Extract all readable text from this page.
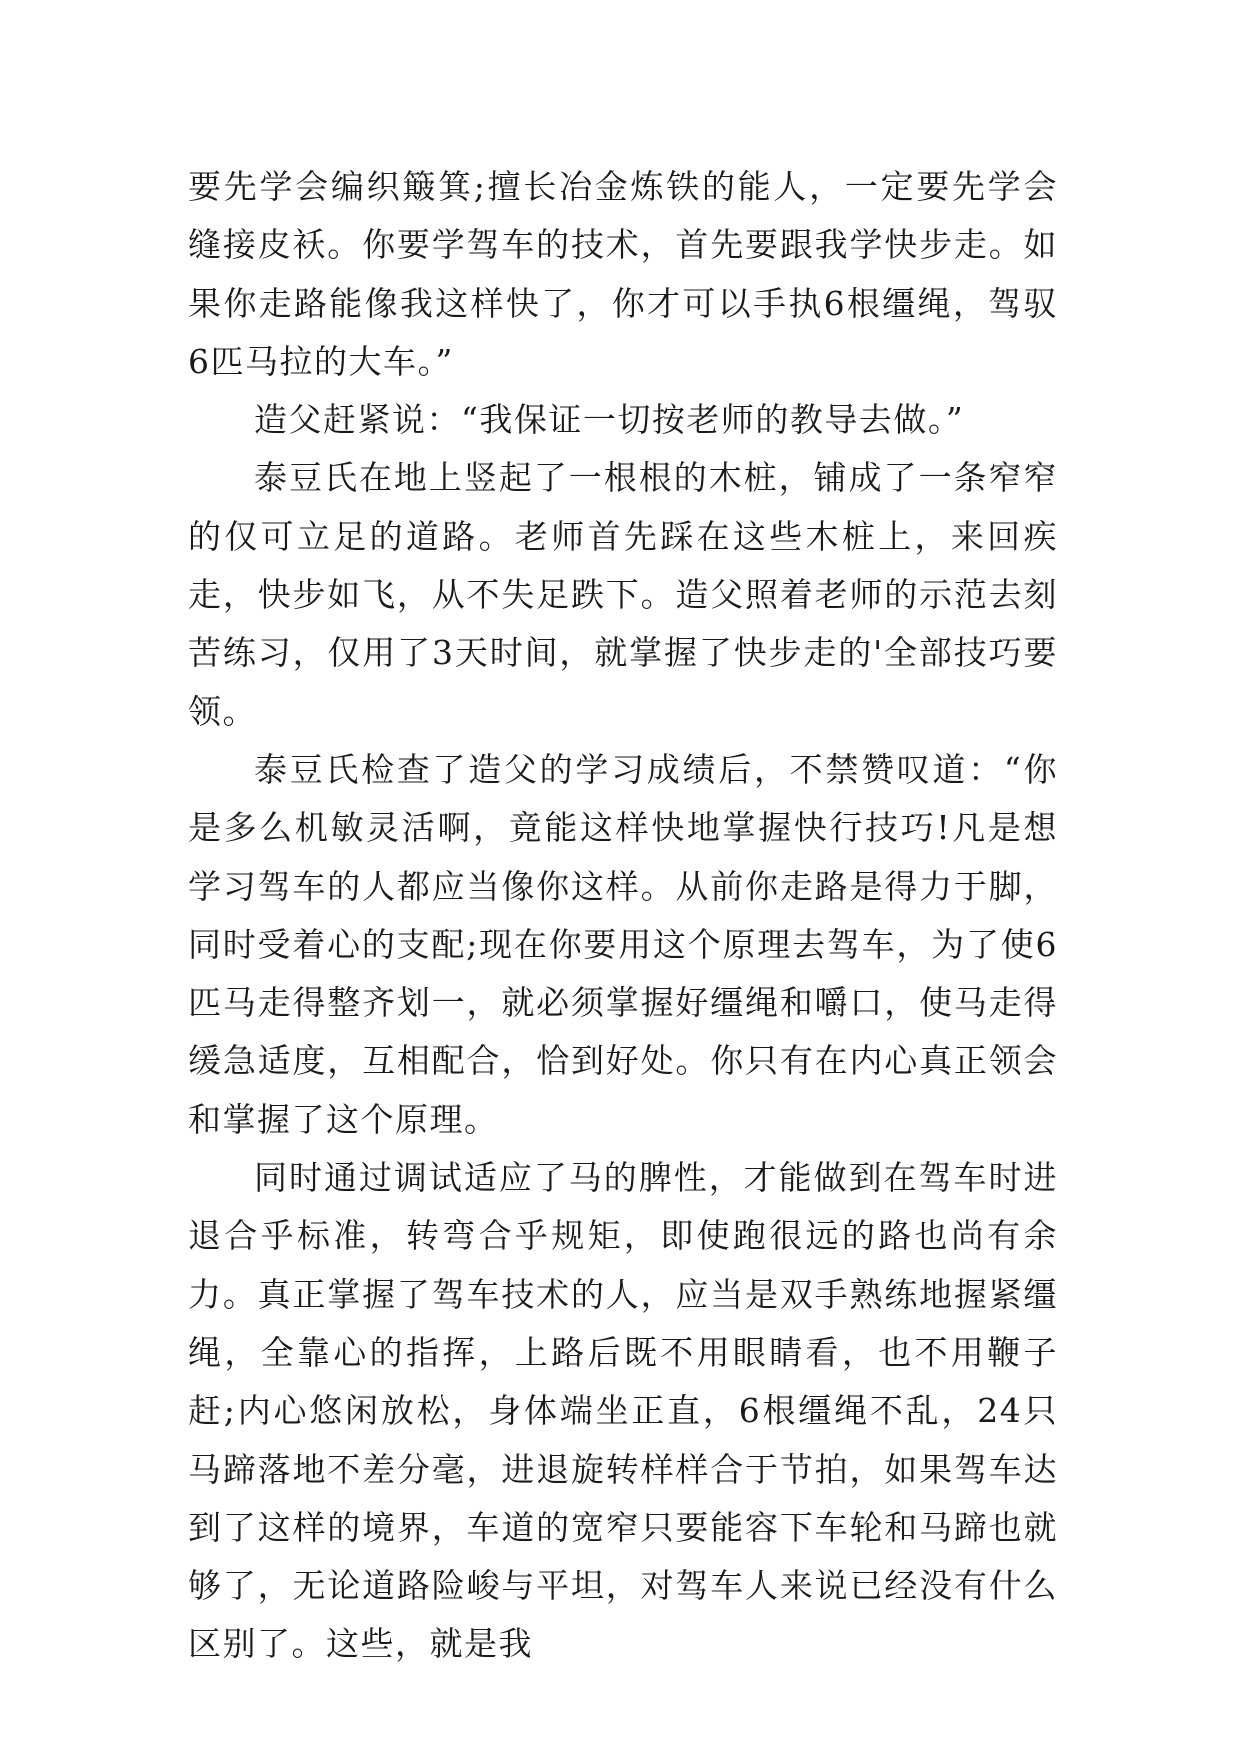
要先学会编织簸箕;擅长冶金炼铁的能人，一定要先学会缝接皮袄。你要学驾车的技术，首先要跟我学快步走。如果你走路能像我这样快了，你才可以手执6根缰绳，驾驭6匹马拉的大车。”

造父赶紧说：“我保证一切按老师的教导去做。”

泰豆氏在地上竖起了一根根的木桩，铺成了一条窄窄的仅可立足的道路。老师首先踩在这些木桩上，来回疾走，快步如飞，从不失足跌下。造父照着老师的示范去刻苦练习，仅用了3天时间，就掌握了快步走的'全部技巧要领。

泰豆氏检查了造父的学习成绩后，不禁赞叹道：“你是多么机敏灵活啊，竟能这样快地掌握快行技巧!凡是想学习驾车的人都应当像你这样。从前你走路是得力于脚，同时受着心的支配;现在你要用这个原理去驾车，为了使6匹马走得整齐划一，就必须掌握好缰绳和嚼口，使马走得缓急适度，互相配合，恰到好处。你只有在内心真正领会和掌握了这个原理。

同时通过调试适应了马的脾性，才能做到在驾车时进退合乎标准，转弯合乎规矩，即使跑很远的路也尚有余力。真正掌握了驾车技术的人，应当是双手熟练地握紧缰绳，全靠心的指挥，上路后既不用眼睛看，也不用鞭子赶;内心悠闲放松，身体端坐正直，6根缰绳不乱，24只马蹄落地不差分毫，进退旋转样样合于节拍，如果驾车达到了这样的境界，车道的宽窄只要能容下车轮和马蹄也就够了，无论道路险峻与平坦，对驾车人来说已经没有什么区别了。这些，就是我
